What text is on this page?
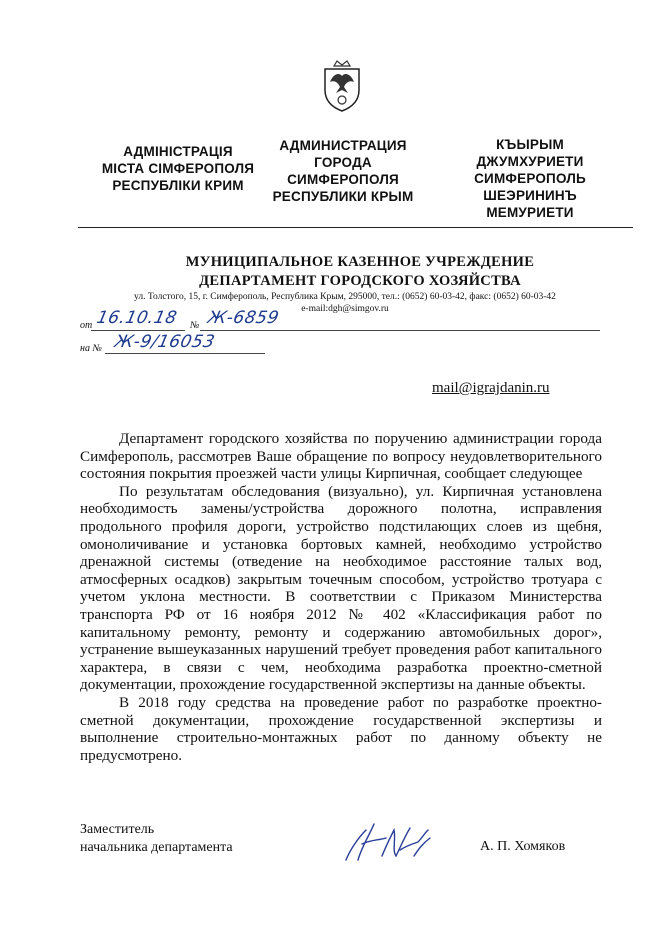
АДМІНІСТРАЦІЯ
МІСТА СІМФЕРОПОЛЯ
РЕСПУБЛІКИ КРИМ
АДМИНИСТРАЦИЯ
ГОРОДА
СИМФЕРОПОЛЯ
РЕСПУБЛИКИ КРЫМ
КЪЫРЫМ
ДЖУМХУРИЕТИ
СИМФЕРОПОЛЬ
ШЕЭРИНИНЪ
МЕМУРИЕТИ
МУНИЦИПАЛЬНОЕ КАЗЕННОЕ УЧРЕЖДЕНИЕ
ДЕПАРТАМЕНТ ГОРОДСКОГО ХОЗЯЙСТВА
ул. Толстого, 15, г. Симферополь, Республика Крым, 295000, тел.: (0652) 60-03-42, факс: (0652) 60-03-42
e-mail:dgh@simgov.ru
от 16.10.18 № Ж-6859
на № Ж-9/16053
mail@igrajdanin.ru

Департамент городского хозяйства по поручению администрации города Симферополь, рассмотрев Ваше обращение по вопросу неудовлетворительного состояния покрытия проезжей части улицы Кирпичная, сообщает следующее

По результатам обследования (визуально), ул. Кирпичная установлена необходимость замены/устройства дорожного полотна, исправления продольного профиля дороги, устройство подстилающих слоев из щебня, омоноличивание и установка бортовых камней, необходимо устройство дренажной системы (отведение на необходимое расстояние талых вод, атмосферных осадков) закрытым точечным способом, устройство тротуара с учетом уклона местности. В соответствии с Приказом Министерства транспорта РФ от 16 ноября 2012 № 402 «Классификация работ по капитальному ремонту, ремонту и содержанию автомобильных дорог», устранение вышеуказанных нарушений требует проведения работ капитального характера, в связи с чем, необходима разработка проектно-сметной документации, прохождение государственной экспертизы на данные объекты.

В 2018 году средства на проведение работ по разработке проектно-сметной документации, прохождение государственной экспертизы и выполнение строительно-монтажных работ по данному объекту не предусмотрено.

Заместитель
начальника департамента	А. П. Хомяков
